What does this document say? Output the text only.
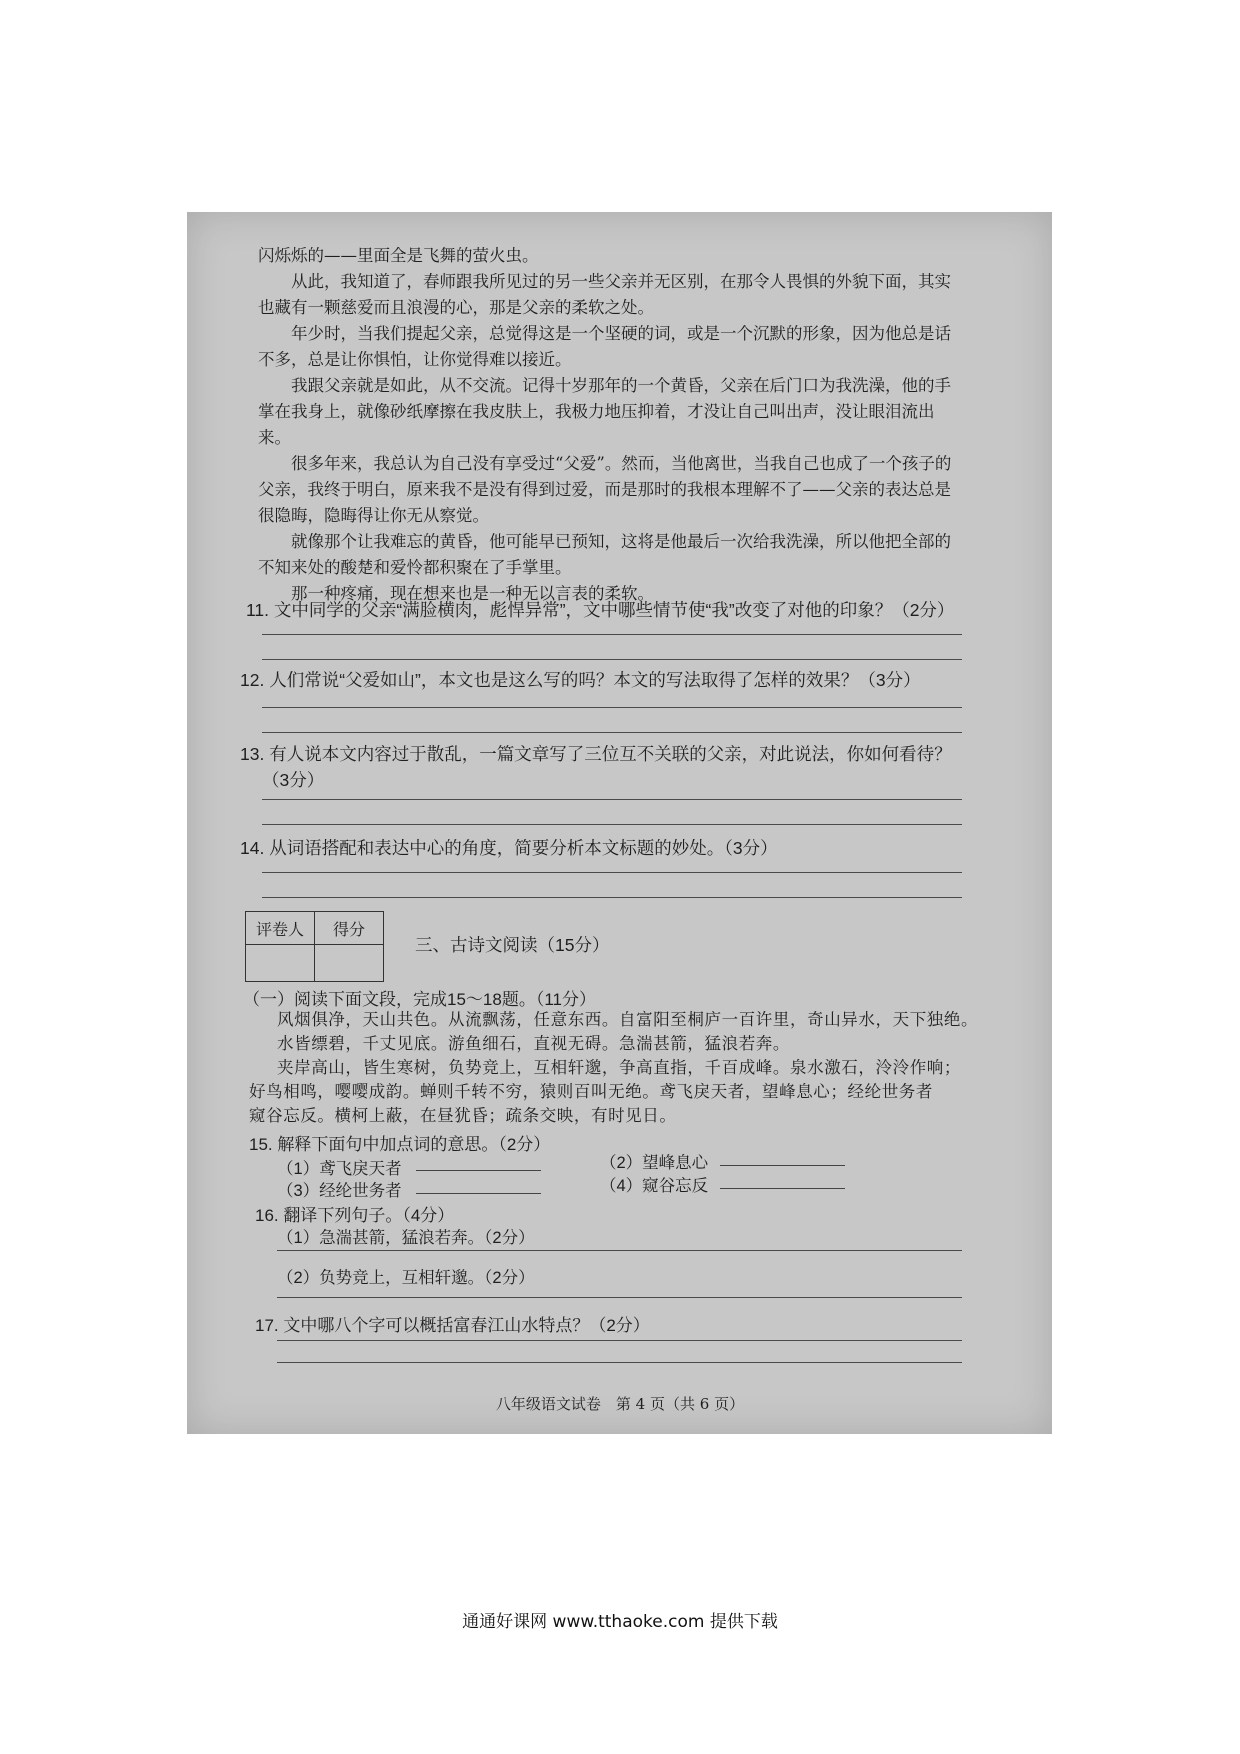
闪烁烁的——里面全是飞舞的萤火虫。
从此，我知道了，春师跟我所见过的另一些父亲并无区别，在那令人畏惧的外貌下面，其实也藏有一颗慈爱而且浪漫的心，那是父亲的柔软之处。
年少时，当我们提起父亲，总觉得这是一个坚硬的词，或是一个沉默的形象，因为他总是话不多，总是让你惧怕，让你觉得难以接近。
我跟父亲就是如此，从不交流。记得十岁那年的一个黄昏，父亲在后门口为我洗澡，他的手掌在我身上，就像砂纸摩擦在我皮肤上，我极力地压抑着，才没让自己叫出声，没让眼泪流出来。
很多年来，我总认为自己没有享受过“父爱”。然而，当他离世，当我自己也成了一个孩子的父亲，我终于明白，原来我不是没有得到过爱，而是那时的我根本理解不了——父亲的表达总是很隐晦，隐晦得让你无从察觉。
就像那个让我难忘的黄昏，他可能早已预知，这将是他最后一次给我洗澡，所以他把全部的不知来处的酸楚和爱怜都积聚在了手掌里。
那一种疼痛，现在想来也是一种无以言表的柔软。
11. 文中同学的父亲“满脸横肉，彪悍异常”，文中哪些情节使“我”改变了对他的印象？（2分）
12. 人们常说“父爱如山”，本文也是这么写的吗？本文的写法取得了怎样的效果？（3分）
13. 有人说本文内容过于散乱，一篇文章写了三位互不关联的父亲，对此说法，你如何看待？
（3分）
14. 从词语搭配和表达中心的角度，简要分析本文标题的妙处。（3分）
评卷人	得分

三、古诗文阅读（15分）
（一）阅读下面文段，完成15～18题。（11分）
风烟俱净，天山共色。从流飘荡，任意东西。自富阳至桐庐一百许里，奇山异水，天下独绝。
水皆缥碧，千丈见底。游鱼细石，直视无碍。急湍甚箭，猛浪若奔。
夹岸高山，皆生寒树，负势竞上，互相轩邈，争高直指，千百成峰。泉水激石，泠泠作响；
好鸟相鸣，嘤嘤成韵。蝉则千转不穷，猿则百叫无绝。鸢飞戾天者，望峰息心；经纶世务者
窥谷忘反。横柯上蔽，在昼犹昏；疏条交映，有时见日。
15. 解释下面句中加点词的意思。（2分）
（1）鸢飞戾天者	（2）望峰息心
（3）经纶世务者	（4）窥谷忘反
16. 翻译下列句子。（4分）
（1）急湍甚箭，猛浪若奔。（2分）
（2）负势竞上，互相轩邈。（2分）
17. 文中哪八个字可以概括富春江山水特点？（2分）
八年级语文试卷　第 4 页（共 6 页）
通通好课网 www.tthaoke.com 提供下载
